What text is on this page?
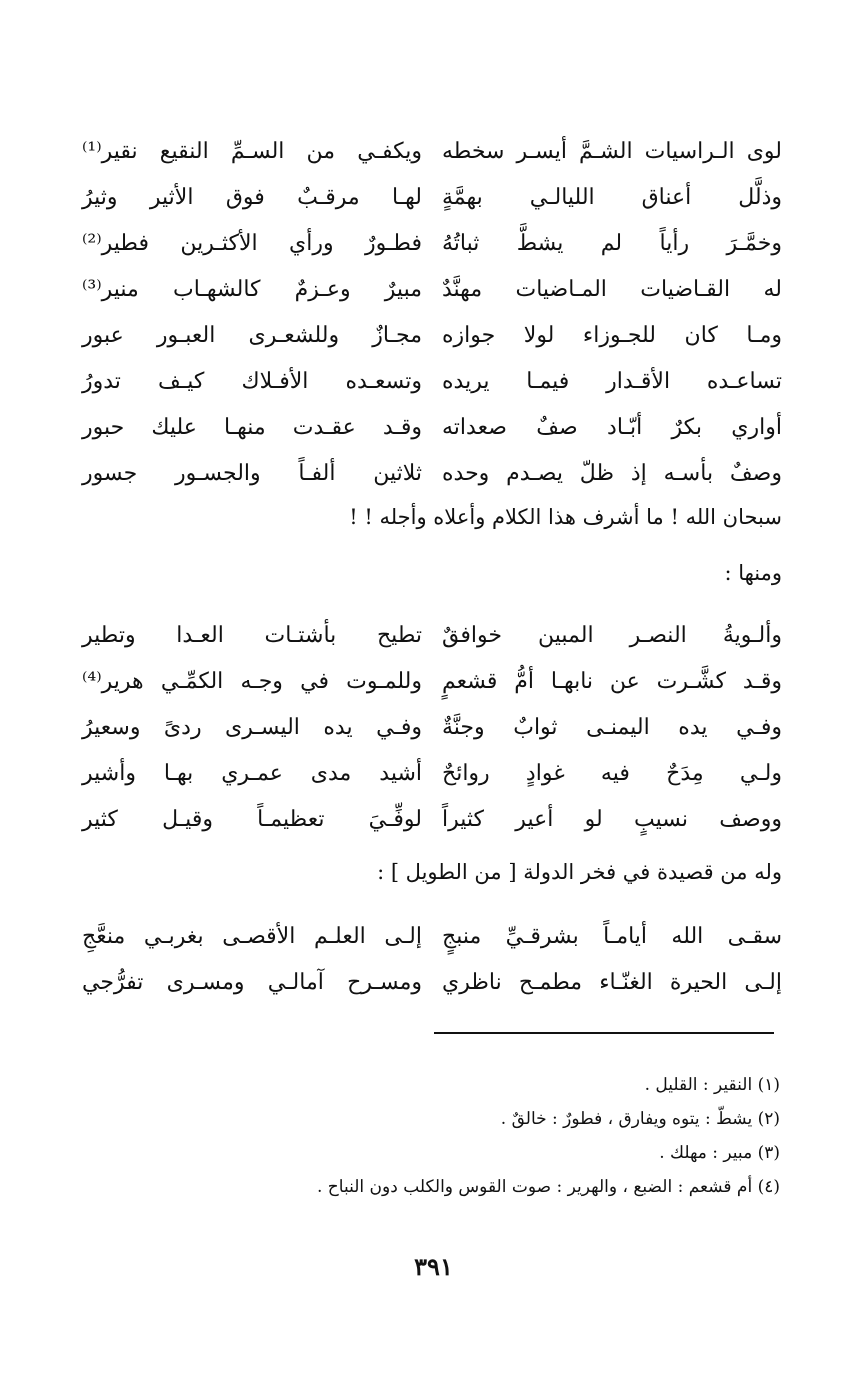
لوى الـراسيات الشـمَّ أيسـر سخطه
ويكفـي من السـمِّ النقيع نقير⁽¹⁾
وذلَّل أعناق الليالـي بهمَّةٍ
لهـا مرقـبٌ فوق الأثير وثيرُ
وخمَّـرَ رأياً لم يشطَّ ثباتُهُ
فطـورٌ ورأي الأكثـرين فطير⁽²⁾
له القـاضيات المـاضيات مهنَّدٌ
مبيرٌ وعـزمٌ كالشهـاب منير⁽³⁾
ومـا كان للجـوزاء لولا جوازه
مجـازٌ وللشعـرى العبـور عبور
تساعـده الأقـدار فيمـا يريده
وتسعـده الأفـلاك كيـف تدورُ
أواري بكرٌ أبّـاد صفٌ صعداته
وقـد عقـدت منهـا عليك حبور
وصفٌ بأسـه إذ ظلّ يصـدم وحده
ثلاثين ألفـاً والجسـور جسور
سبحان الله ! ما أشرف هذا الكلام وأعلاه وأجله ! !
ومنها :
وألـويةُ النصـر المبين خوافقٌ
تطيح بأشتـات العـدا وتطير
وقـد كشَّـرت عن نابهـا أمُّ قشعمٍ
وللمـوت في وجـه الكمِّـي هرير⁽⁴⁾
وفـي يده اليمنـى ثوابٌ وجنَّةٌ
وفـي يده اليسـرى ردىً وسعيرُ
ولـي مِدَحٌ فيه غوادٍ روائحٌ
أشيد مدى عمـري بهـا وأشير
ووصف نسيبٍ لو أعير كثيراً
لوفِّـيَ تعظيمـاً وقيـل كثير
وله من قصيدة في فخر الدولة [ من الطويل ] :
سقـى الله أيامـاً بشرقـيِّ منبجٍ
إلـى العلـم الأقصـى بغربـي منعَّجِ
إلـى الحيرة الغنّـاء مطمـح ناظري
ومسـرح آمالـي ومسـرى تفرُّجي
(١) النقير : القليل .
(٢) يشطّ : يتوه ويفارق ، فطورٌ : خالقٌ .
(٣) مبير : مهلك .
(٤) أم قشعم : الضبع ، والهرير : صوت القوس والكلب دون النباح .
٣٩١
